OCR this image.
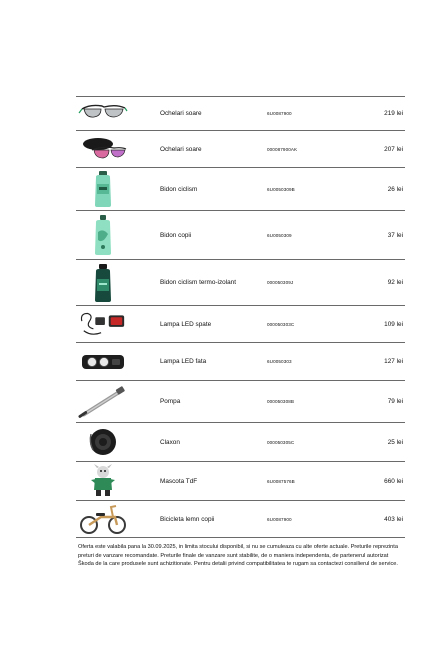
Ochelari soare	6U0087900	219 lei
Ochelari soare	000087900AK	207 lei
Bidon ciclism	6U0050309B	26 lei
Bidon copii	6U0050309	37 lei
Bidon ciclism termo-izolant	000050309J	92 lei
Lampa LED spate	000050303C	109 lei
Lampa LED fata	6U0050303	127 lei
Pompa	000050308B	79 lei
Claxon	000050305C	25 lei
Mascota TdF	6U0087576B	660 lei
Bicicleta lemn copii	6U0087900	403 lei
Oferta este valabila pana la 30.09.2025, in limita stocului disponibil, si nu se cumuleaza cu alte oferte actuale. Preturile reprezinta preturi de vanzare recomandate. Preturile finale de vanzare sunt stabilite, de o maniera independenta, de partenerul autorizat Škoda de la care produsele sunt achizitionate. Pentru detalii privind compatibilitatea te rugam sa contactezi consilierul de service.
